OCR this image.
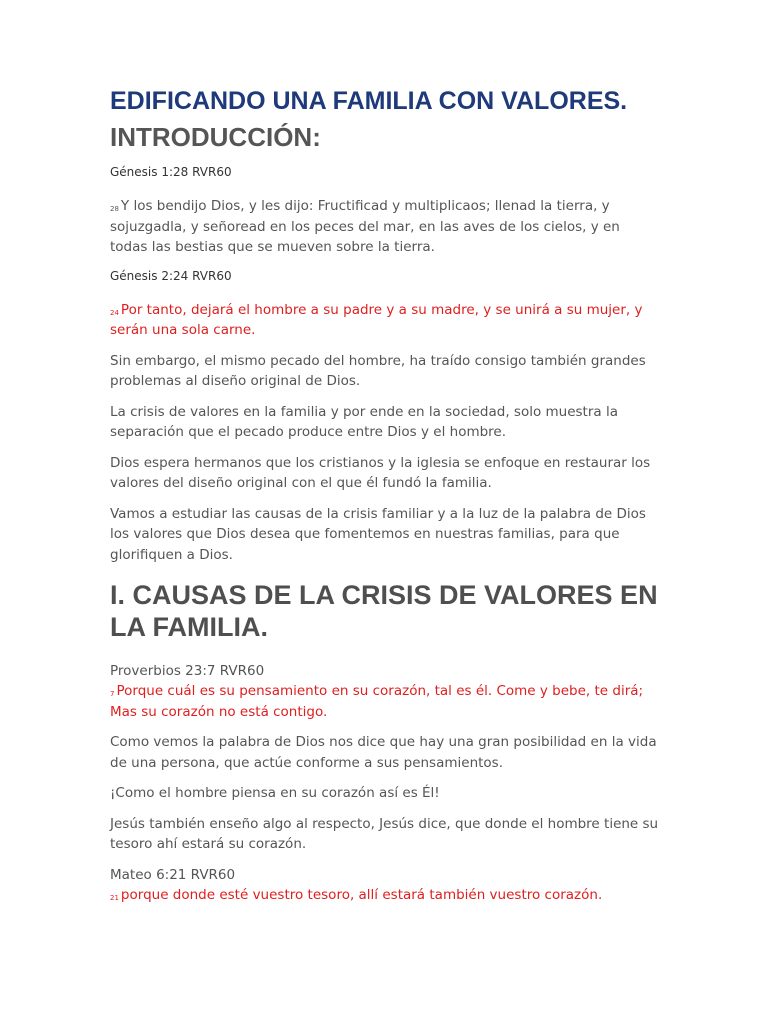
EDIFICANDO UNA FAMILIA CON VALORES.
INTRODUCCIÓN:
Génesis 1:28 RVR60

$^{28}$ Y los bendijo Dios, y les dijo: Fructificad y multiplicaos; llenad la tierra, y sojuzgadla, y señoread en los peces del mar, en las aves de los cielos, y en todas las bestias que se mueven sobre la tierra.

Génesis 2:24 RVR60

$^{24}$ Por tanto, dejará el hombre a su padre y a su madre, y se unirá a su mujer, y serán una sola carne.

Sin embargo, el mismo pecado del hombre, ha traído consigo también grandes problemas al diseño original de Dios.

La crisis de valores en la familia y por ende en la sociedad, solo muestra la separación que el pecado produce entre Dios y el hombre.

Dios espera hermanos que los cristianos y la iglesia se enfoque en restaurar los valores del diseño original con el que él fundó la familia.

Vamos a estudiar las causas de la crisis familiar y a la luz de la palabra de Dios los valores que Dios desea que fomentemos en nuestras familias, para que glorifiquen a Dios.

I. CAUSAS DE LA CRISIS DE VALORES EN LA FAMILIA.
Proverbios 23:7 RVR60

$^7$ Porque cuál es su pensamiento en su corazón, tal es él. Come y bebe, te dirá; Mas su corazón no está contigo.

Como vemos la palabra de Dios nos dice que hay una gran posibilidad en la vida de una persona, que actúe conforme a sus pensamientos.

¡Como el hombre piensa en su corazón así es Él!

Jesús también enseño algo al respecto, Jesús dice, que donde el hombre tiene su tesoro ahí estará su corazón.

Mateo 6:21 RVR60

$^{21}$ porque donde esté vuestro tesoro, allí estará también vuestro corazón.
